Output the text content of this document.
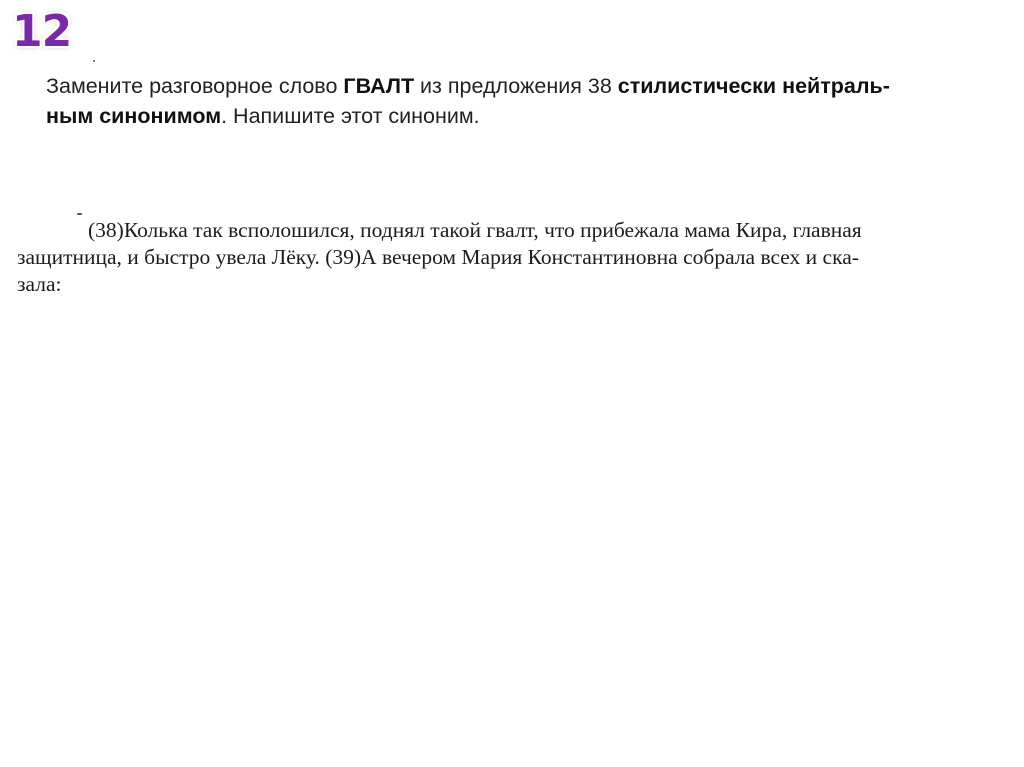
12
Замените разговорное слово ГВАЛТ из предложения 38 стилистически нейтраль-
ным синонимом. Напишите этот синоним.
(38)Колька так всполошился, поднял такой гвалт, что прибежала мама Кира, главная
защитница, и быстро увела Лёку. (39)А вечером Мария Константиновна собрала всех и ска-
зала:
